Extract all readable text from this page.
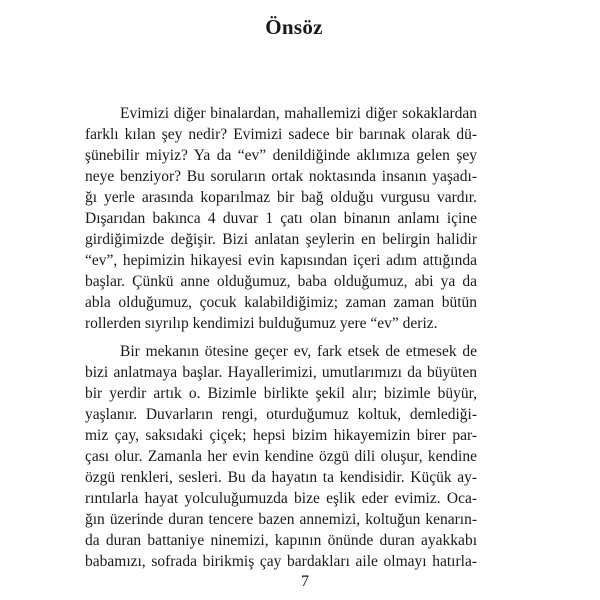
Önsöz
Evimizi diğer binalardan, mahallemizi diğer sokaklardan
farklı kılan şey nedir? Evimizi sadece bir barınak olarak dü-
şünebilir miyiz? Ya da “ev” denildiğinde aklımıza gelen şey
neye benziyor? Bu soruların ortak noktasında insanın yaşadı-
ğı yerle arasında koparılmaz bir bağ olduğu vurgusu vardır.
Dışarıdan bakınca 4 duvar 1 çatı olan binanın anlamı içine
girdiğimizde değişir. Bizi anlatan şeylerin en belirgin halidir
“ev”, hepimizin hikayesi evin kapısından içeri adım attığında
başlar. Çünkü anne olduğumuz, baba olduğumuz, abi ya da
abla olduğumuz, çocuk kalabildiğimiz; zaman zaman bütün
rollerden sıyrılıp kendimizi bulduğumuz yere “ev” deriz.
Bir mekanın ötesine geçer ev, fark etsek de etmesek de
bizi anlatmaya başlar. Hayallerimizi, umutlarımızı da büyüten
bir yerdir artık o. Bizimle birlikte şekil alır; bizimle büyür,
yaşlanır. Duvarların rengi, oturduğumuz koltuk, demlediği-
miz çay, saksıdaki çiçek; hepsi bizim hikayemizin birer par-
çası olur. Zamanla her evin kendine özgü dili oluşur, kendine
özgü renkleri, sesleri. Bu da hayatın ta kendisidir. Küçük ay-
rıntılarla hayat yolculuğumuzda bize eşlik eder evimiz. Oca-
ğın üzerinde duran tencere bazen annemizi, koltuğun kenarın-
da duran battaniye ninemizi, kapının önünde duran ayakkabı
babamızı, sofrada birikmiş çay bardakları aile olmayı hatırla-
7
